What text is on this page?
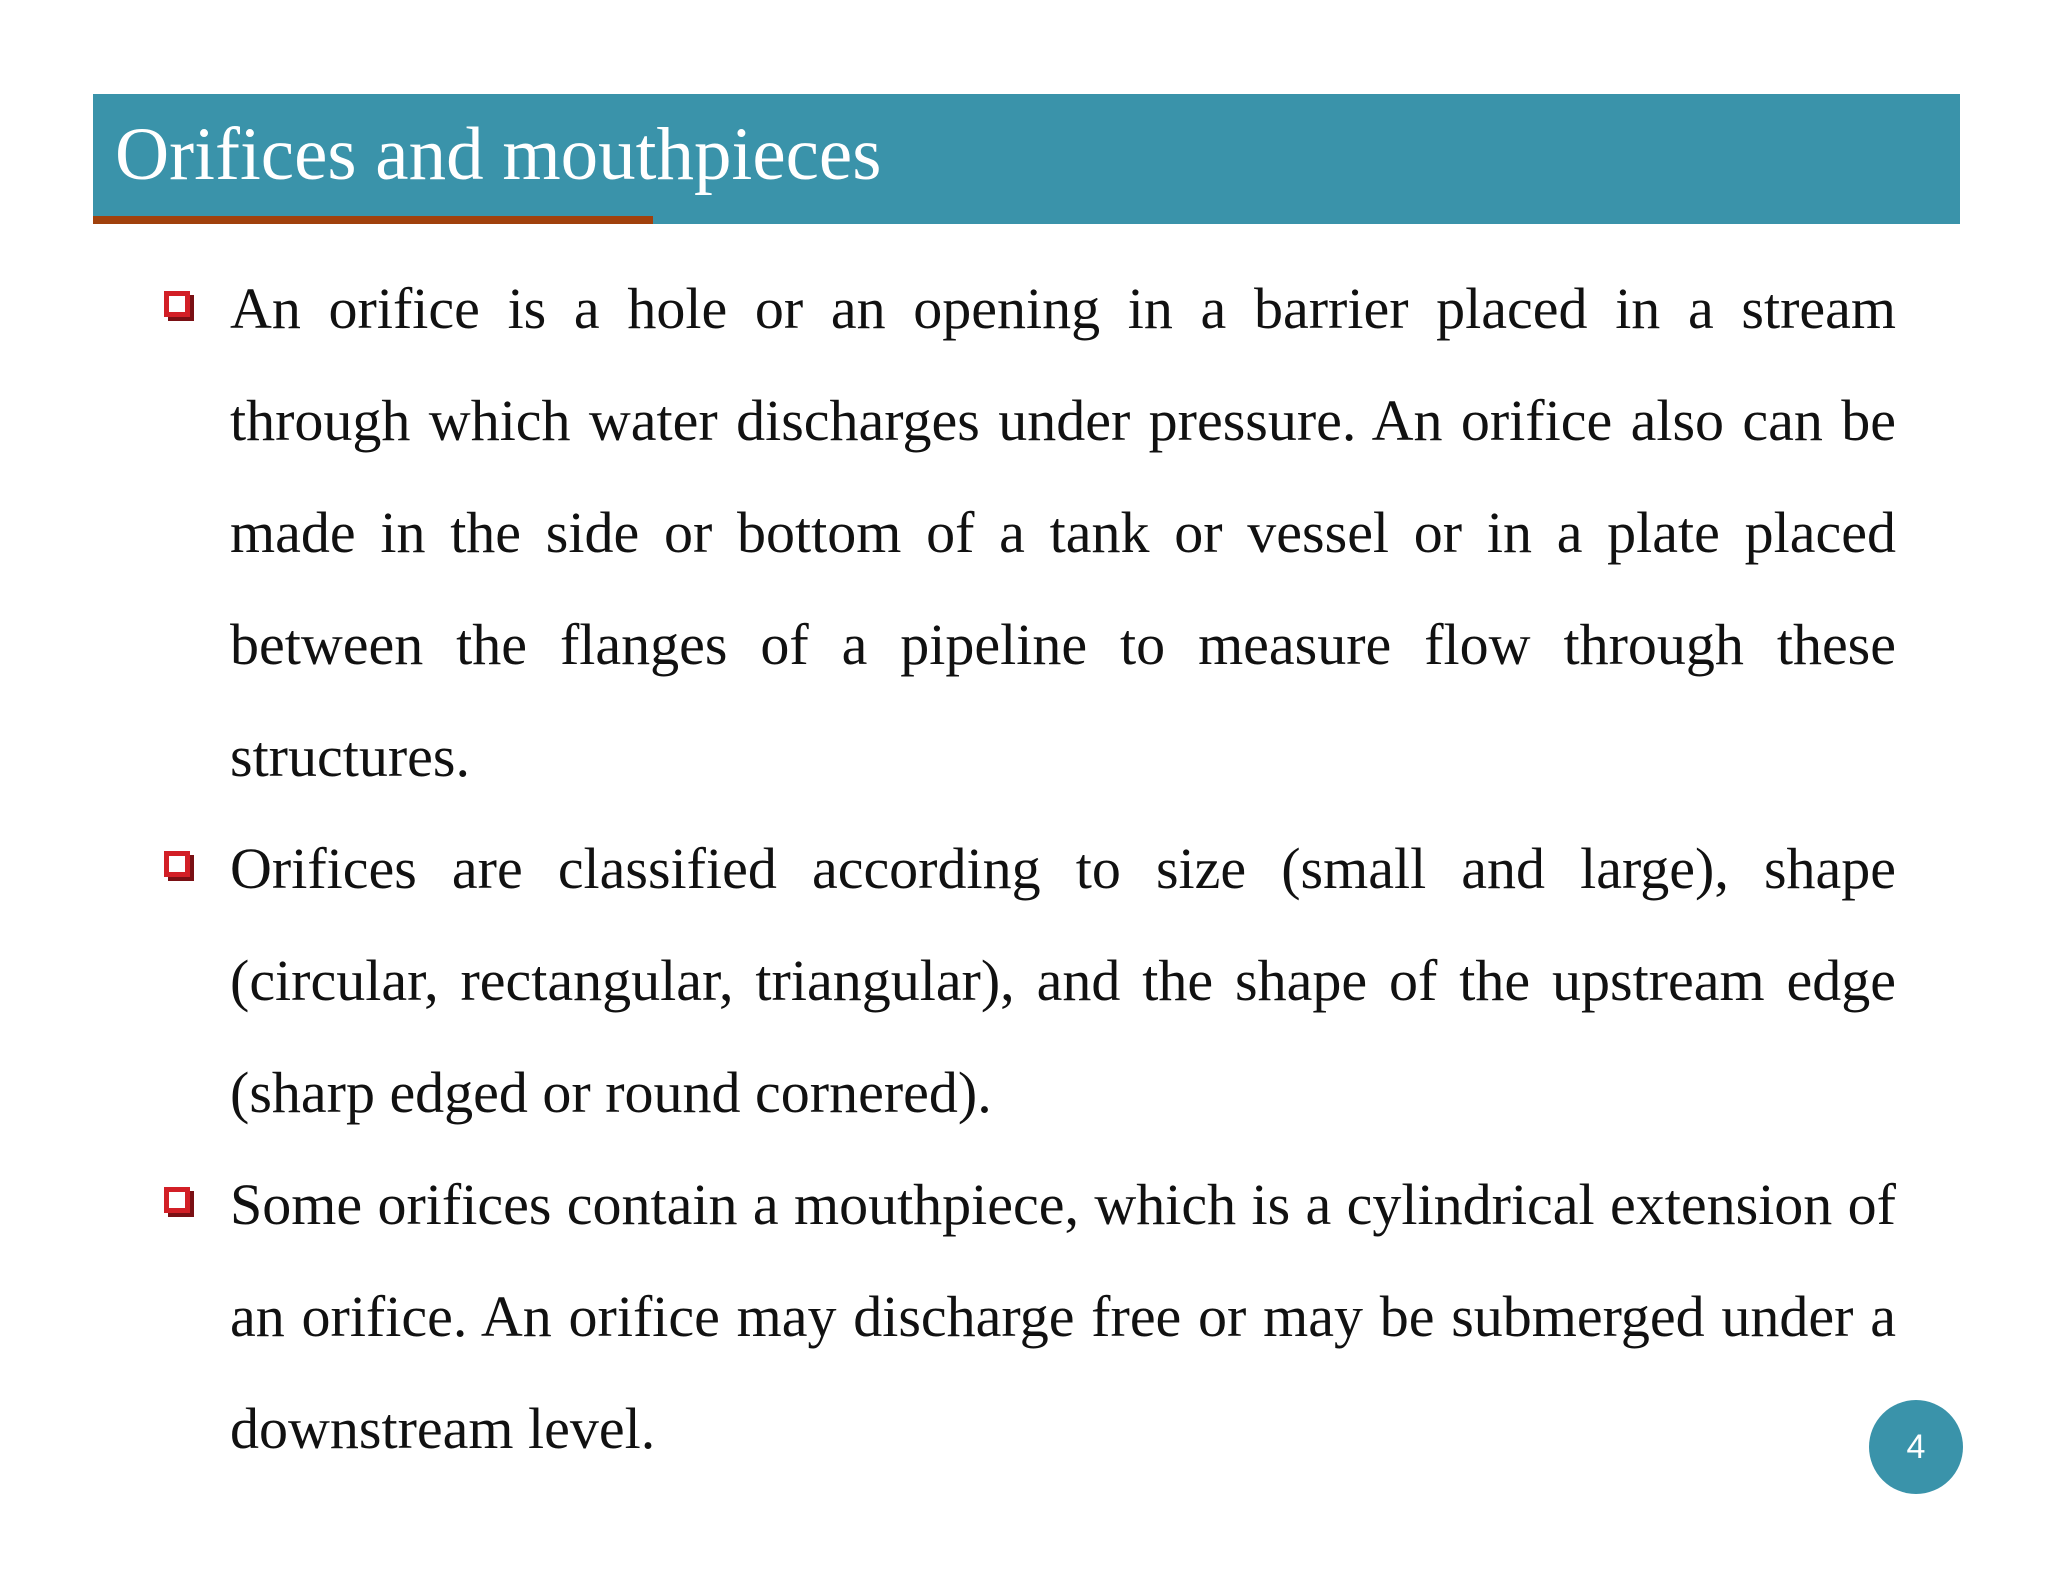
Orifices and mouthpieces
An orifice is a hole or an opening in a barrier placed in a stream through which water discharges under pressure. An orifice also can be made in the side or bottom of a tank or vessel or in a plate placed between the flanges of a pipeline to measure flow through these structures.
Orifices are classified according to size (small and large), shape (circular, rectangular, triangular), and the shape of the upstream edge (sharp edged or round cornered).
Some orifices contain a mouthpiece, which is a cylindrical extension of an orifice. An orifice may discharge free or may be submerged under a downstream level.	4
